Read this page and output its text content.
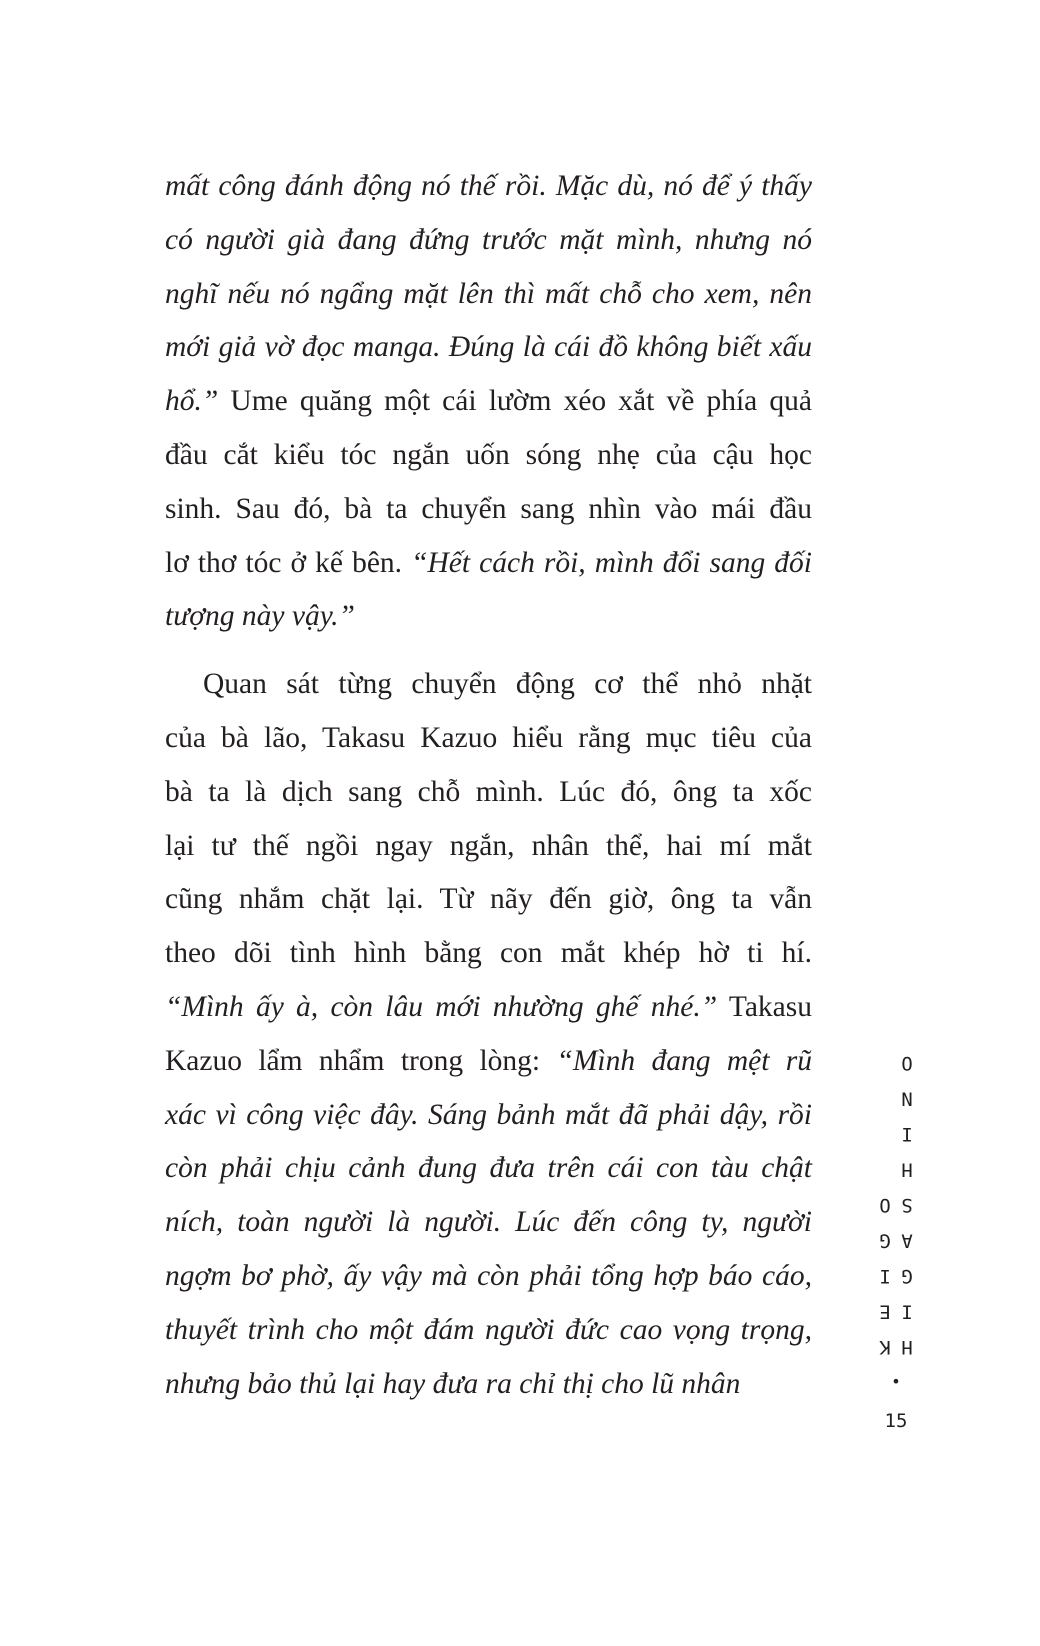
mất công đánh động nó thế rồi. Mặc dù, nó để ý thấy
có người già đang đứng trước mặt mình, nhưng nó
nghĩ nếu nó ngẩng mặt lên thì mất chỗ cho xem, nên
mới giả vờ đọc manga. Đúng là cái đồ không biết xấu
hổ.” Ume quăng một cái lườm xéo xắt về phía quả
đầu cắt kiểu tóc ngắn uốn sóng nhẹ của cậu học
sinh. Sau đó, bà ta chuyển sang nhìn vào mái đầu
lơ thơ tóc ở kế bên. “Hết cách rồi, mình đổi sang đối
tượng này vậy.”
Quan sát từng chuyển động cơ thể nhỏ nhặt
của bà lão, Takasu Kazuo hiểu rằng mục tiêu của
bà ta là dịch sang chỗ mình. Lúc đó, ông ta xốc
lại tư thế ngồi ngay ngắn, nhân thể, hai mí mắt
cũng nhắm chặt lại. Từ nãy đến giờ, ông ta vẫn
theo dõi tình hình bằng con mắt khép hờ ti hí.
“Mình ấy à, còn lâu mới nhường ghế nhé.” Takasu
Kazuo lẩm nhẩm trong lòng: “Mình đang mệt rũ
xác vì công việc đây. Sáng bảnh mắt đã phải dậy, rồi
còn phải chịu cảnh đung đưa trên cái con tàu chật
ních, toàn người là người. Lúc đến công ty, người
ngợm bơ phờ, ấy vậy mà còn phải tổng hợp báo cáo,
thuyết trình cho một đám người đức cao vọng trọng,
nhưng bảo thủ lại hay đưa ra chỉ thị cho lũ nhân
KEIGO HIGASHINO
•
15
